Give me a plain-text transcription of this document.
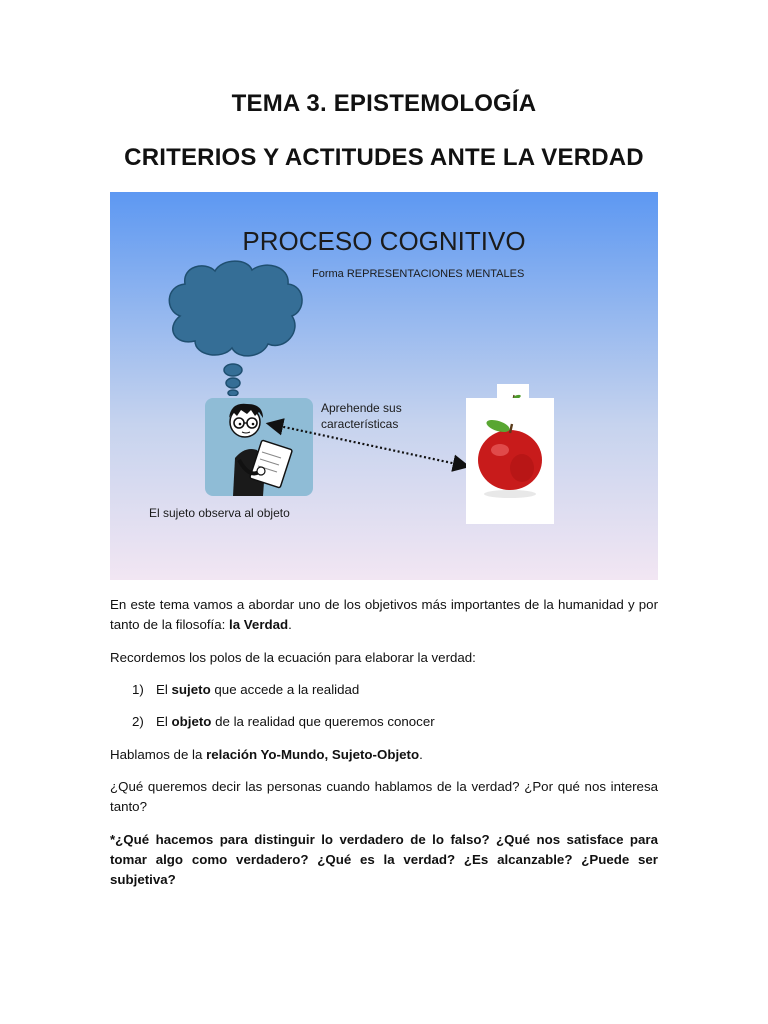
TEMA 3. EPISTEMOLOGÍA
CRITERIOS Y ACTITUDES ANTE LA VERDAD
PROCESO COGNITIVO
Forma REPRESENTACIONES MENTALES
Aprehende sus
características
El sujeto observa al objeto
En este tema vamos a abordar uno de los objetivos más importantes de la humanidad y por tanto de la filosofía: la Verdad.
Recordemos los polos de la ecuación para elaborar la verdad:
1) El sujeto que accede a la realidad
2) El objeto de la realidad que queremos conocer
Hablamos de la relación Yo-Mundo, Sujeto-Objeto.
¿Qué queremos decir las personas cuando hablamos de la verdad? ¿Por qué nos interesa tanto?
*¿Qué hacemos para distinguir lo verdadero de lo falso? ¿Qué nos satisface para tomar algo como verdadero? ¿Qué es la verdad? ¿Es alcanzable? ¿Puede ser subjetiva?
